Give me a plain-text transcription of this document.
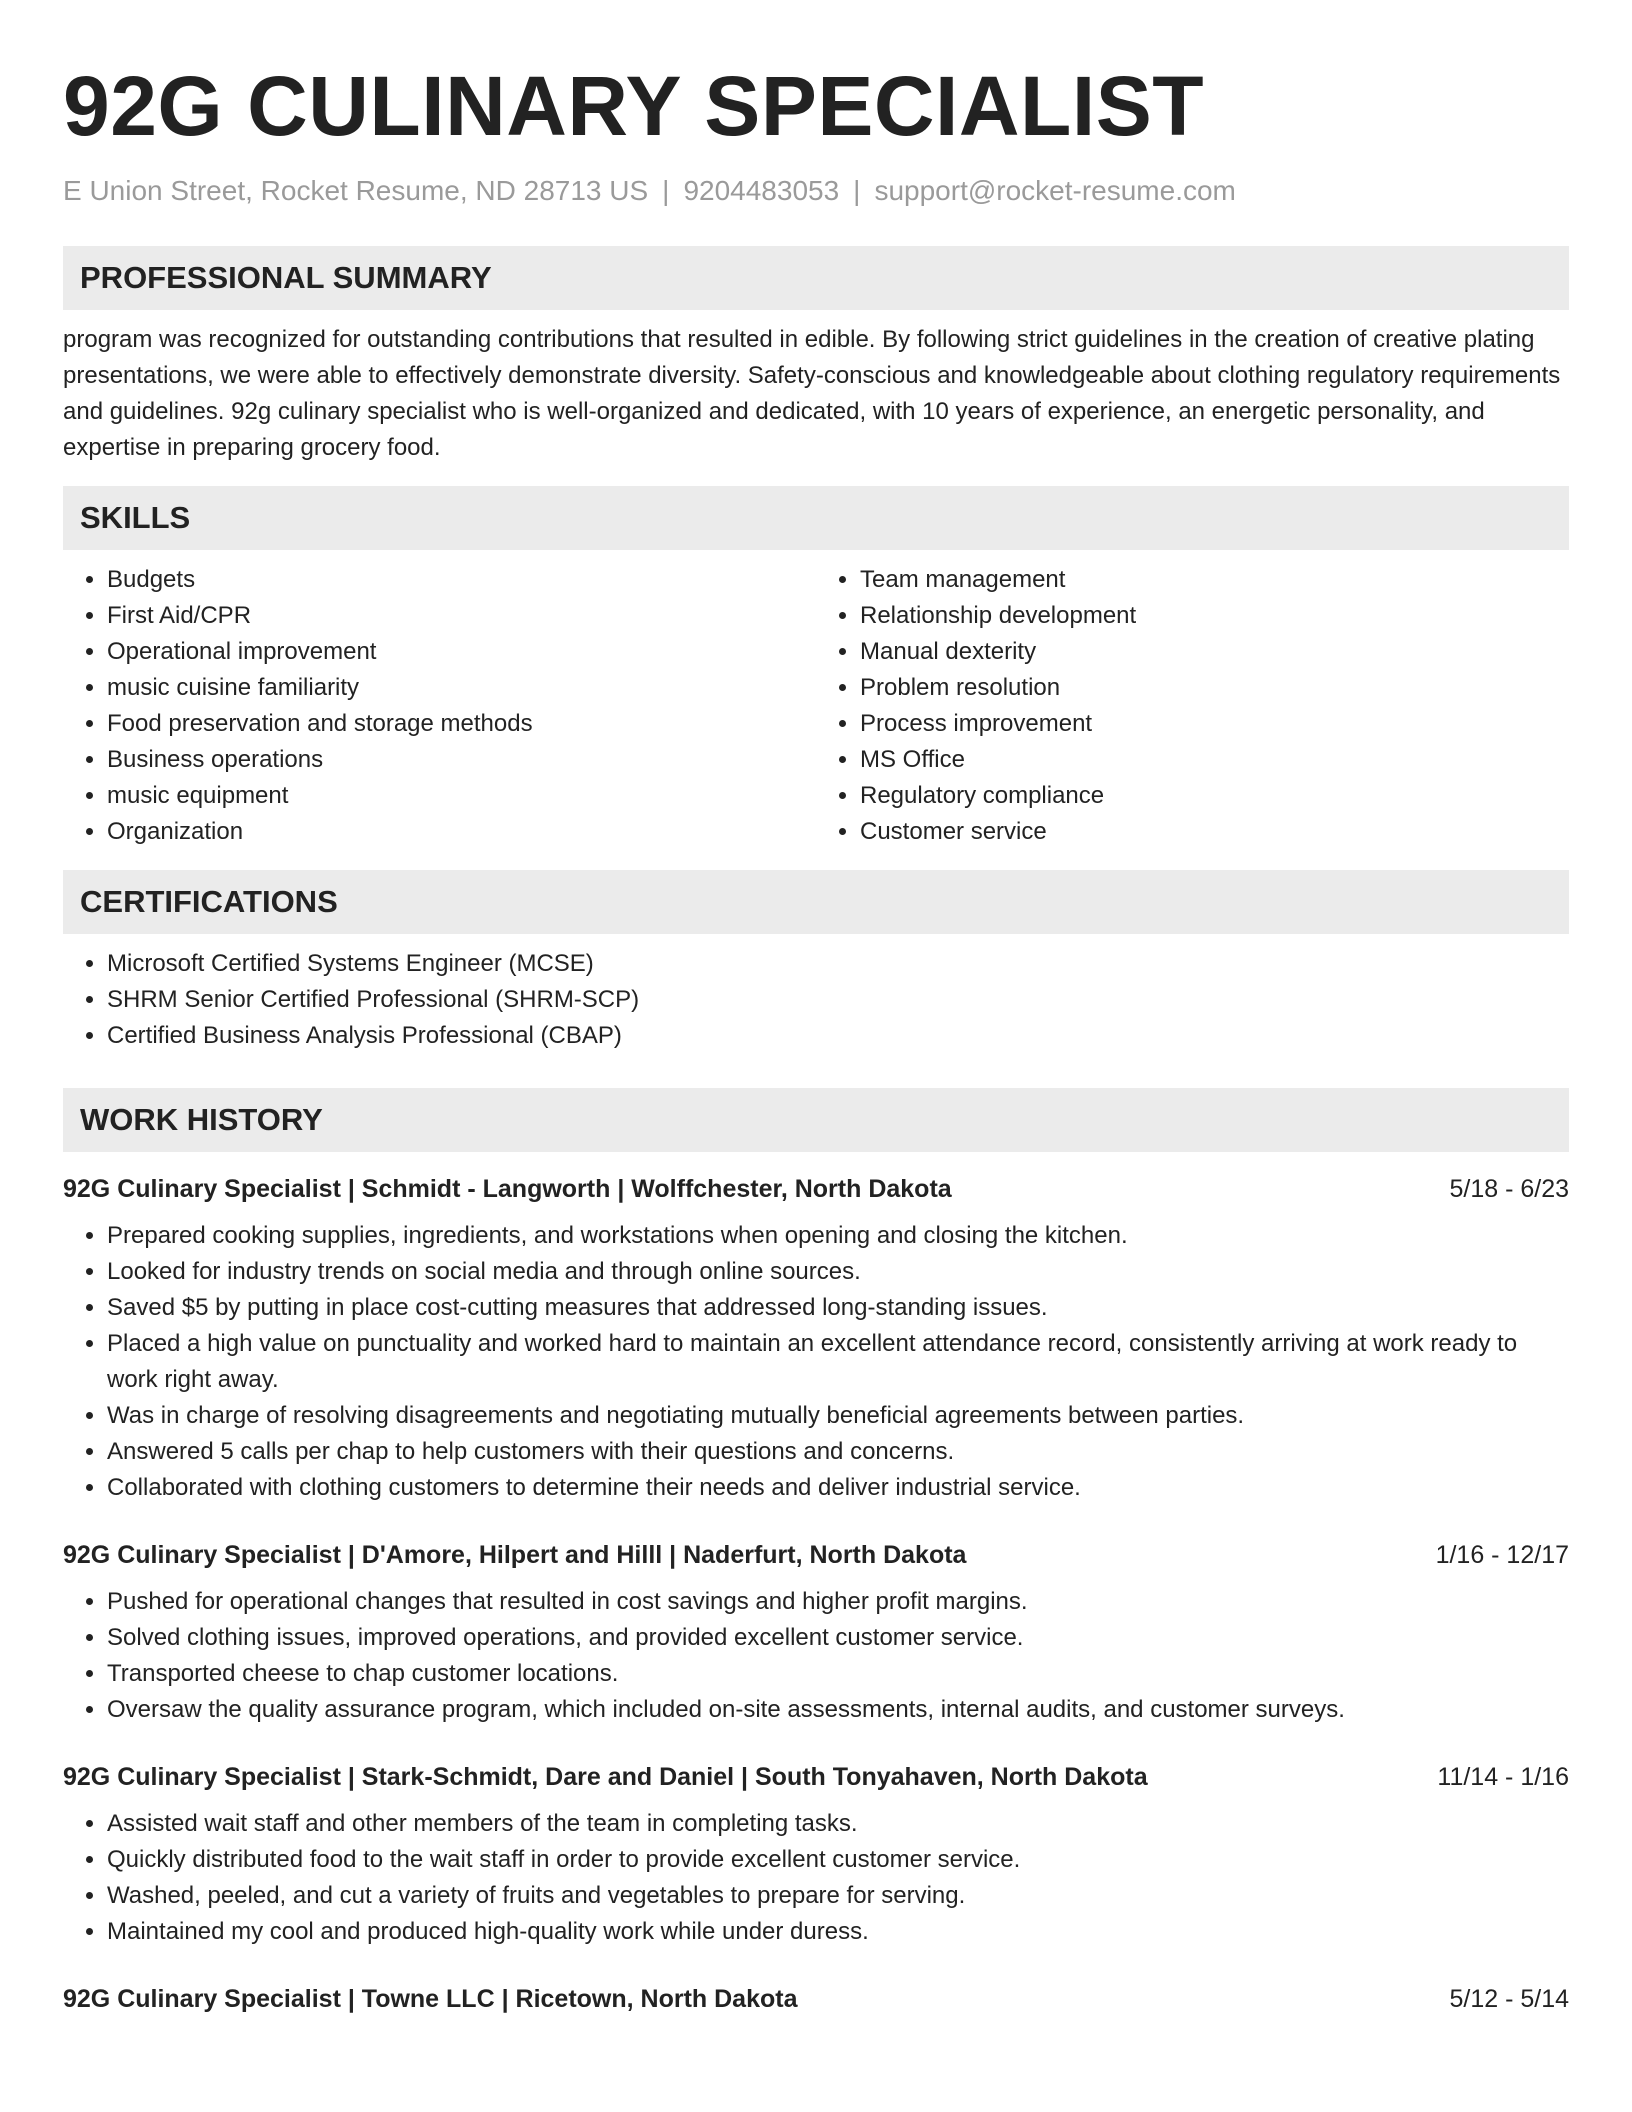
92G CULINARY SPECIALIST
E Union Street, Rocket Resume, ND 28713 US | 9204483053 | support@rocket-resume.com
PROFESSIONAL SUMMARY

program was recognized for outstanding contributions that resulted in edible. By following strict guidelines in the creation of creative plating presentations, we were able to effectively demonstrate diversity. Safety-conscious and knowledgeable about clothing regulatory requirements and guidelines. 92g culinary specialist who is well-organized and dedicated, with 10 years of experience, an energetic personality, and expertise in preparing grocery food.

SKILLS
• Budgets
• First Aid/CPR
• Operational improvement
• music cuisine familiarity
• Food preservation and storage methods
• Business operations
• music equipment
• Organization
• Team management
• Relationship development
• Manual dexterity
• Problem resolution
• Process improvement
• MS Office
• Regulatory compliance
• Customer service
CERTIFICATIONS
• Microsoft Certified Systems Engineer (MCSE)
• SHRM Senior Certified Professional (SHRM-SCP)
• Certified Business Analysis Professional (CBAP)
WORK HISTORY
92G Culinary Specialist | Schmidt - Langworth | Wolffchester, North Dakota	5/18 - 6/23
• Prepared cooking supplies, ingredients, and workstations when opening and closing the kitchen.
• Looked for industry trends on social media and through online sources.
• Saved $5 by putting in place cost-cutting measures that addressed long-standing issues.
• Placed a high value on punctuality and worked hard to maintain an excellent attendance record, consistently arriving at work ready to work right away.
• Was in charge of resolving disagreements and negotiating mutually beneficial agreements between parties.
• Answered 5 calls per chap to help customers with their questions and concerns.
• Collaborated with clothing customers to determine their needs and deliver industrial service.
92G Culinary Specialist | D'Amore, Hilpert and Hilll | Naderfurt, North Dakota	1/16 - 12/17
• Pushed for operational changes that resulted in cost savings and higher profit margins.
• Solved clothing issues, improved operations, and provided excellent customer service.
• Transported cheese to chap customer locations.
• Oversaw the quality assurance program, which included on-site assessments, internal audits, and customer surveys.
92G Culinary Specialist | Stark-Schmidt, Dare and Daniel | South Tonyahaven, North Dakota	11/14 - 1/16
• Assisted wait staff and other members of the team in completing tasks.
• Quickly distributed food to the wait staff in order to provide excellent customer service.
• Washed, peeled, and cut a variety of fruits and vegetables to prepare for serving.
• Maintained my cool and produced high-quality work while under duress.
92G Culinary Specialist | Towne LLC | Ricetown, North Dakota	5/12 - 5/14
